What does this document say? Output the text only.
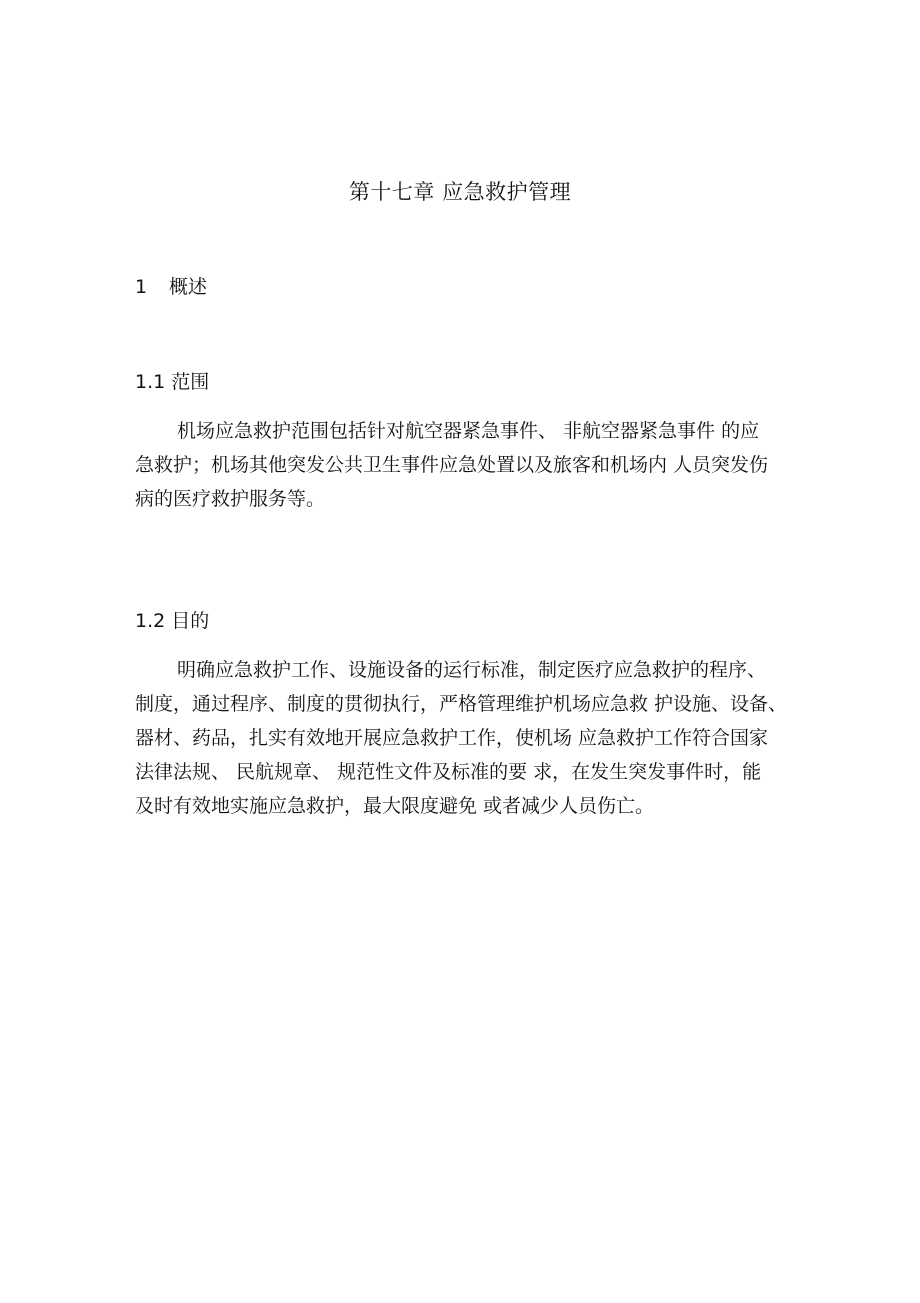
第十七章 应急救护管理
1 概述
1.1 范围

机场应急救护范围包括针对航空器紧急事件、 非航空器紧急事件 的应
急救护；机场其他突发公共卫生事件应急处置以及旅客和机场内 人员突发伤
病的医疗救护服务等。

1.2 目的

明确应急救护工作、设施设备的运行标准，制定医疗应急救护的程序、
制度，通过程序、制度的贯彻执行，严格管理维护机场应急救 护设施、设备、
器材、药品，扎实有效地开展应急救护工作，使机场 应急救护工作符合国家
法律法规、 民航规章、 规范性文件及标准的要 求，在发生突发事件时，能
及时有效地实施应急救护，最大限度避免 或者减少人员伤亡。
